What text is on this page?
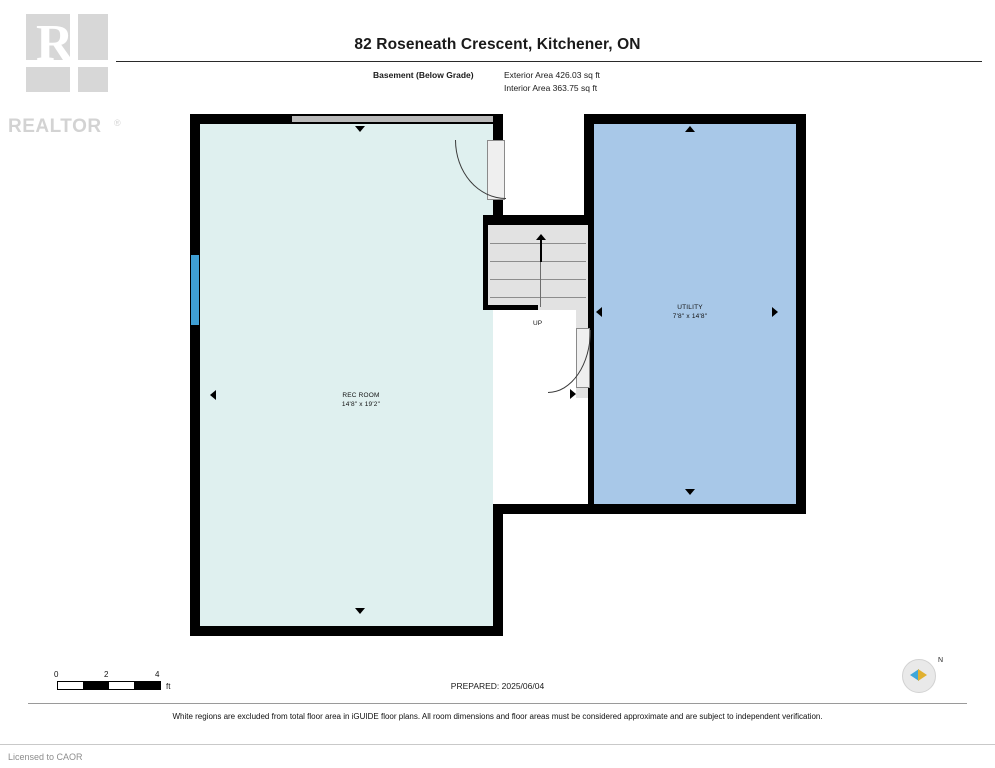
R
REALTOR ®
82 Roseneath Crescent, Kitchener, ON
Basement (Below Grade)	Exterior Area 426.03 sq ft
Interior Area 363.75 sq ft
UP
REC ROOM
14'8" x 19'2"
UTILITY
7'8" x 14'8"
0	2	4
ft	PREPARED: 2025/06/04
N
White regions are excluded from total floor area in iGUIDE floor plans. All room dimensions and floor areas must be considered approximate and are subject to independent verification.
Licensed to CAOR
